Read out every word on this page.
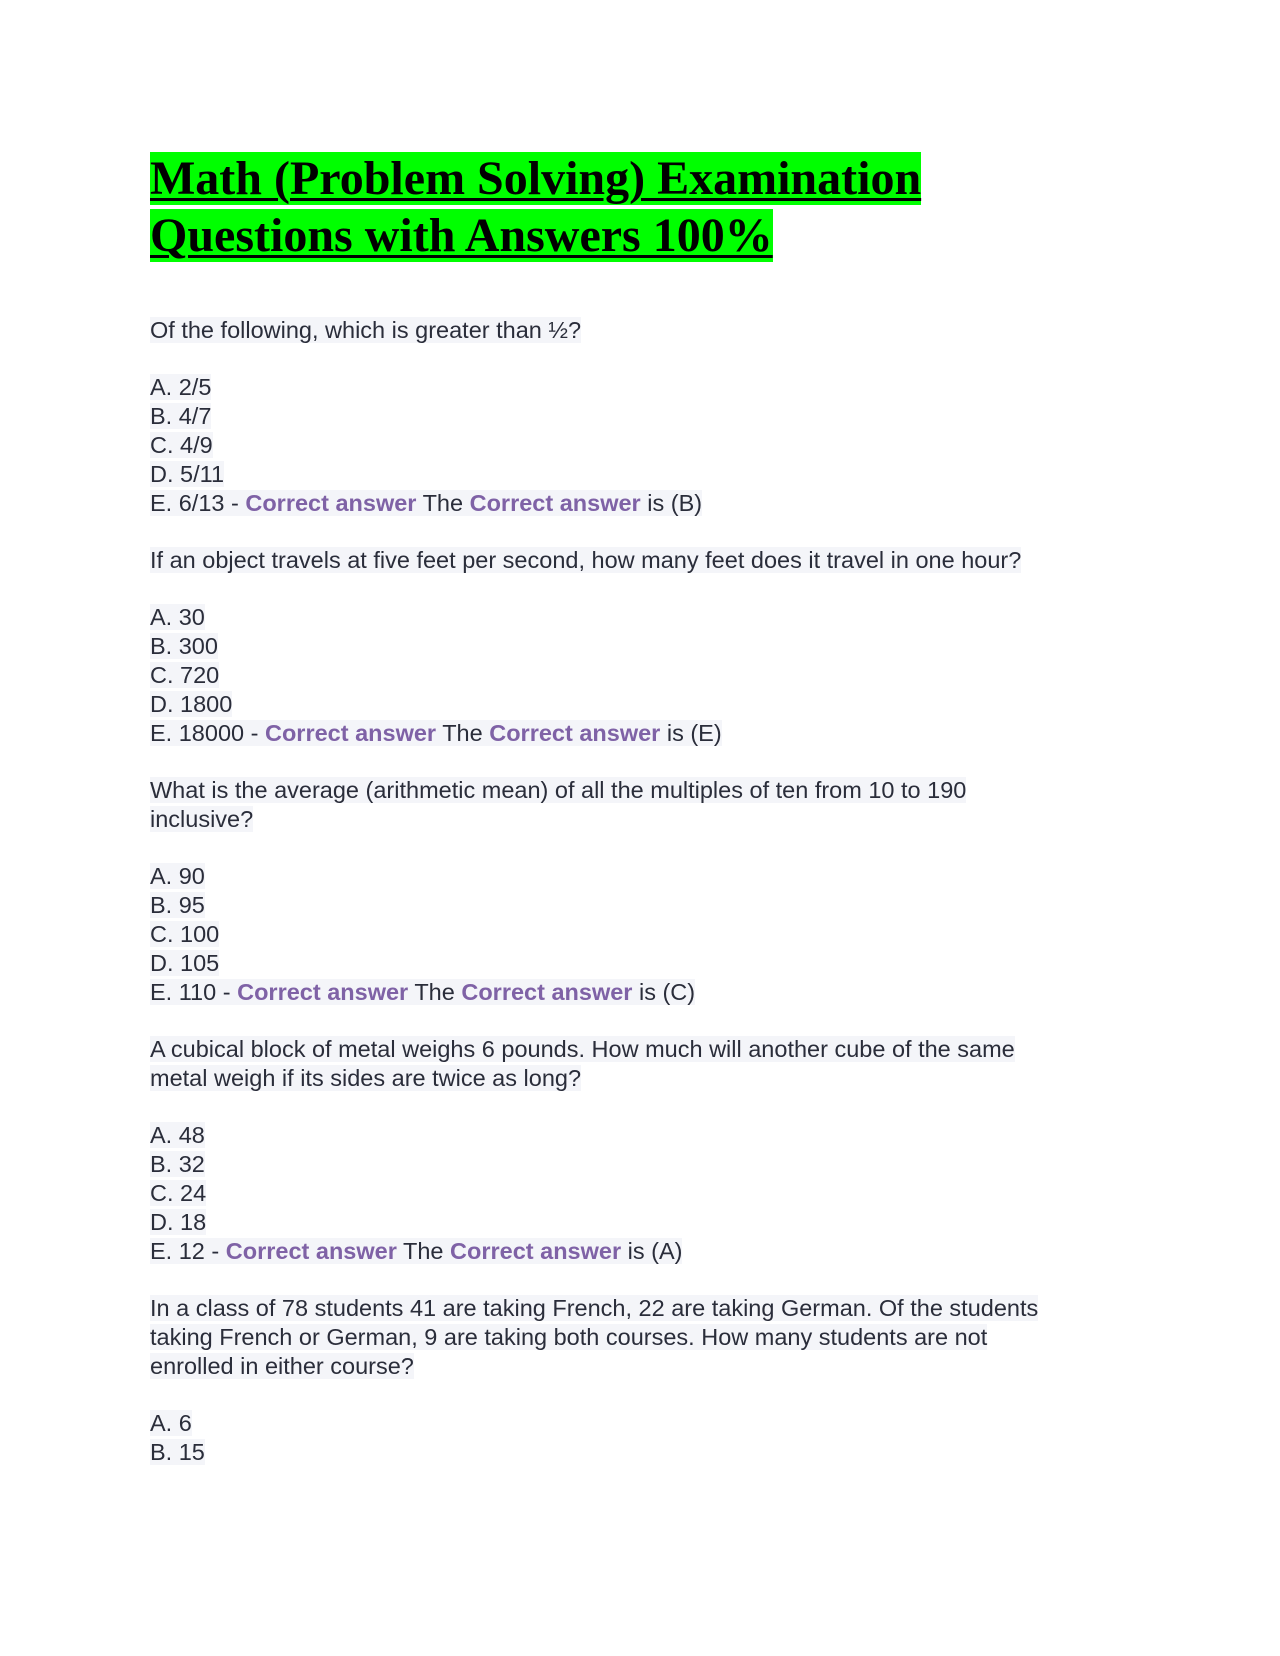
Math (Problem Solving) Examination
Questions with Answers 100%

Of the following, which is greater than ½?

A. 2/5
B. 4/7
C. 4/9
D. 5/11
E. 6/13 - Correct answer The Correct answer is (B)

If an object travels at five feet per second, how many feet does it travel in one hour?

A. 30
B. 300
C. 720
D. 1800
E. 18000 - Correct answer The Correct answer is (E)

What is the average (arithmetic mean) of all the multiples of ten from 10 to 190
inclusive?

A. 90
B. 95
C. 100
D. 105
E. 110 - Correct answer The Correct answer is (C)

A cubical block of metal weighs 6 pounds. How much will another cube of the same
metal weigh if its sides are twice as long?

A. 48
B. 32
C. 24
D. 18
E. 12 - Correct answer The Correct answer is (A)

In a class of 78 students 41 are taking French, 22 are taking German. Of the students
taking French or German, 9 are taking both courses. How many students are not
enrolled in either course?

A. 6
B. 15
